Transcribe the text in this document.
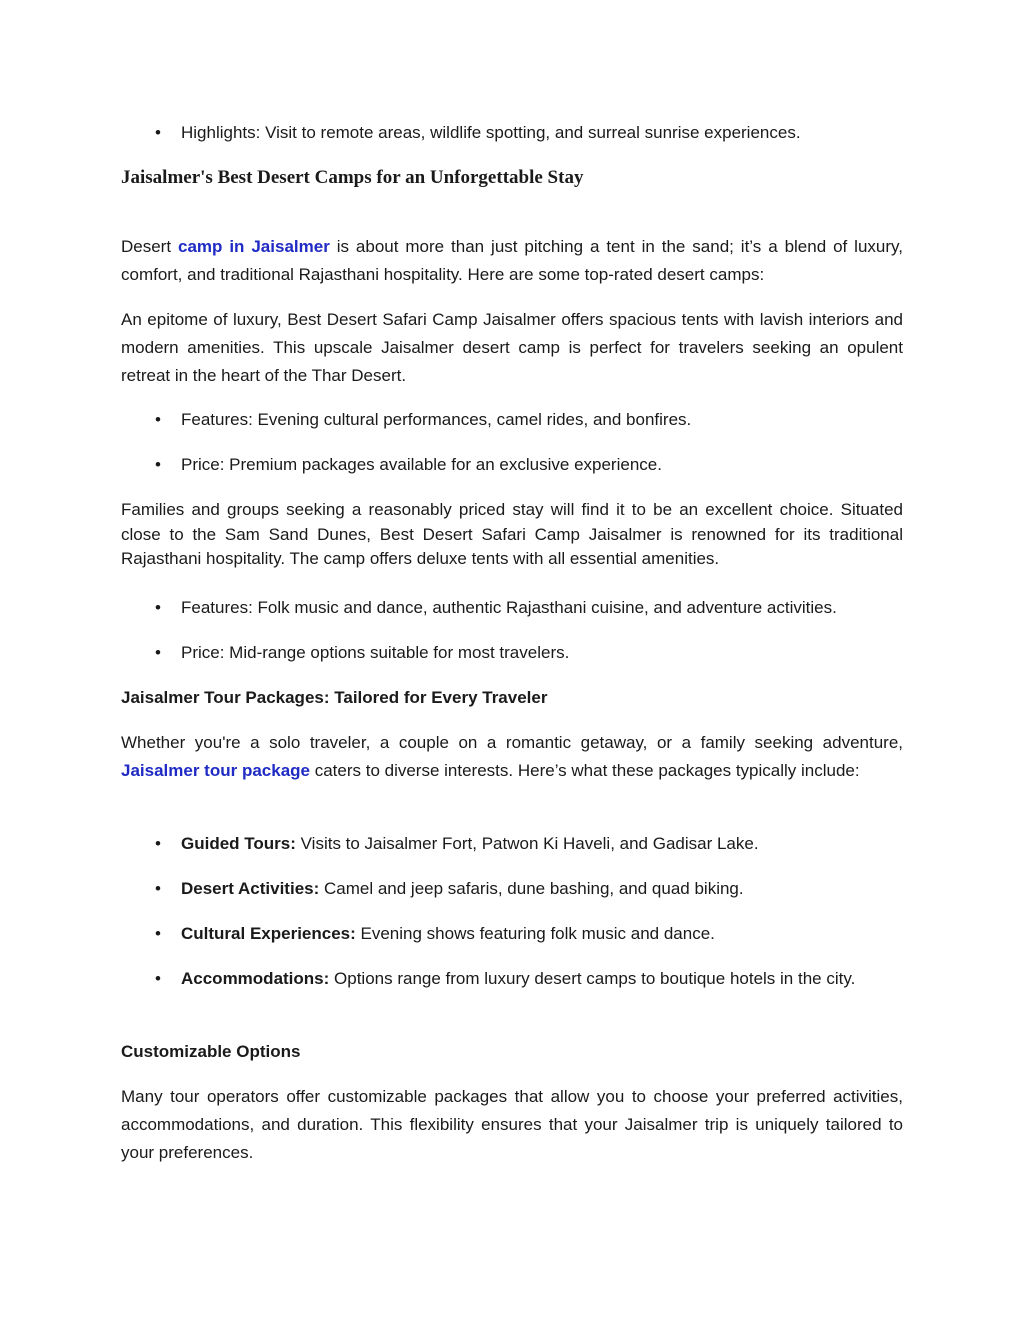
• Highlights: Visit to remote areas, wildlife spotting, and surreal sunrise experiences.
Jaisalmer's Best Desert Camps for an Unforgettable Stay

Desert camp in Jaisalmer is about more than just pitching a tent in the sand; it’s a blend of luxury, comfort, and traditional Rajasthani hospitality. Here are some top-rated desert camps:

An epitome of luxury, Best Desert Safari Camp Jaisalmer offers spacious tents with lavish interiors and modern amenities. This upscale Jaisalmer desert camp is perfect for travelers seeking an opulent retreat in the heart of the Thar Desert.

• Features: Evening cultural performances, camel rides, and bonfires.
• Price: Premium packages available for an exclusive experience.

Families and groups seeking a reasonably priced stay will find it to be an excellent choice. Situated close to the Sam Sand Dunes, Best Desert Safari Camp Jaisalmer is renowned for its traditional Rajasthani hospitality. The camp offers deluxe tents with all essential amenities.

• Features: Folk music and dance, authentic Rajasthani cuisine, and adventure activities.
• Price: Mid-range options suitable for most travelers.
Jaisalmer Tour Packages: Tailored for Every Traveler

Whether you're a solo traveler, a couple on a romantic getaway, or a family seeking adventure, Jaisalmer tour package caters to diverse interests. Here’s what these packages typically include:

• Guided Tours: Visits to Jaisalmer Fort, Patwon Ki Haveli, and Gadisar Lake.
• Desert Activities: Camel and jeep safaris, dune bashing, and quad biking.
• Cultural Experiences: Evening shows featuring folk music and dance.
• Accommodations: Options range from luxury desert camps to boutique hotels in the city.
Customizable Options

Many tour operators offer customizable packages that allow you to choose your preferred activities, accommodations, and duration. This flexibility ensures that your Jaisalmer trip is uniquely tailored to your preferences.
